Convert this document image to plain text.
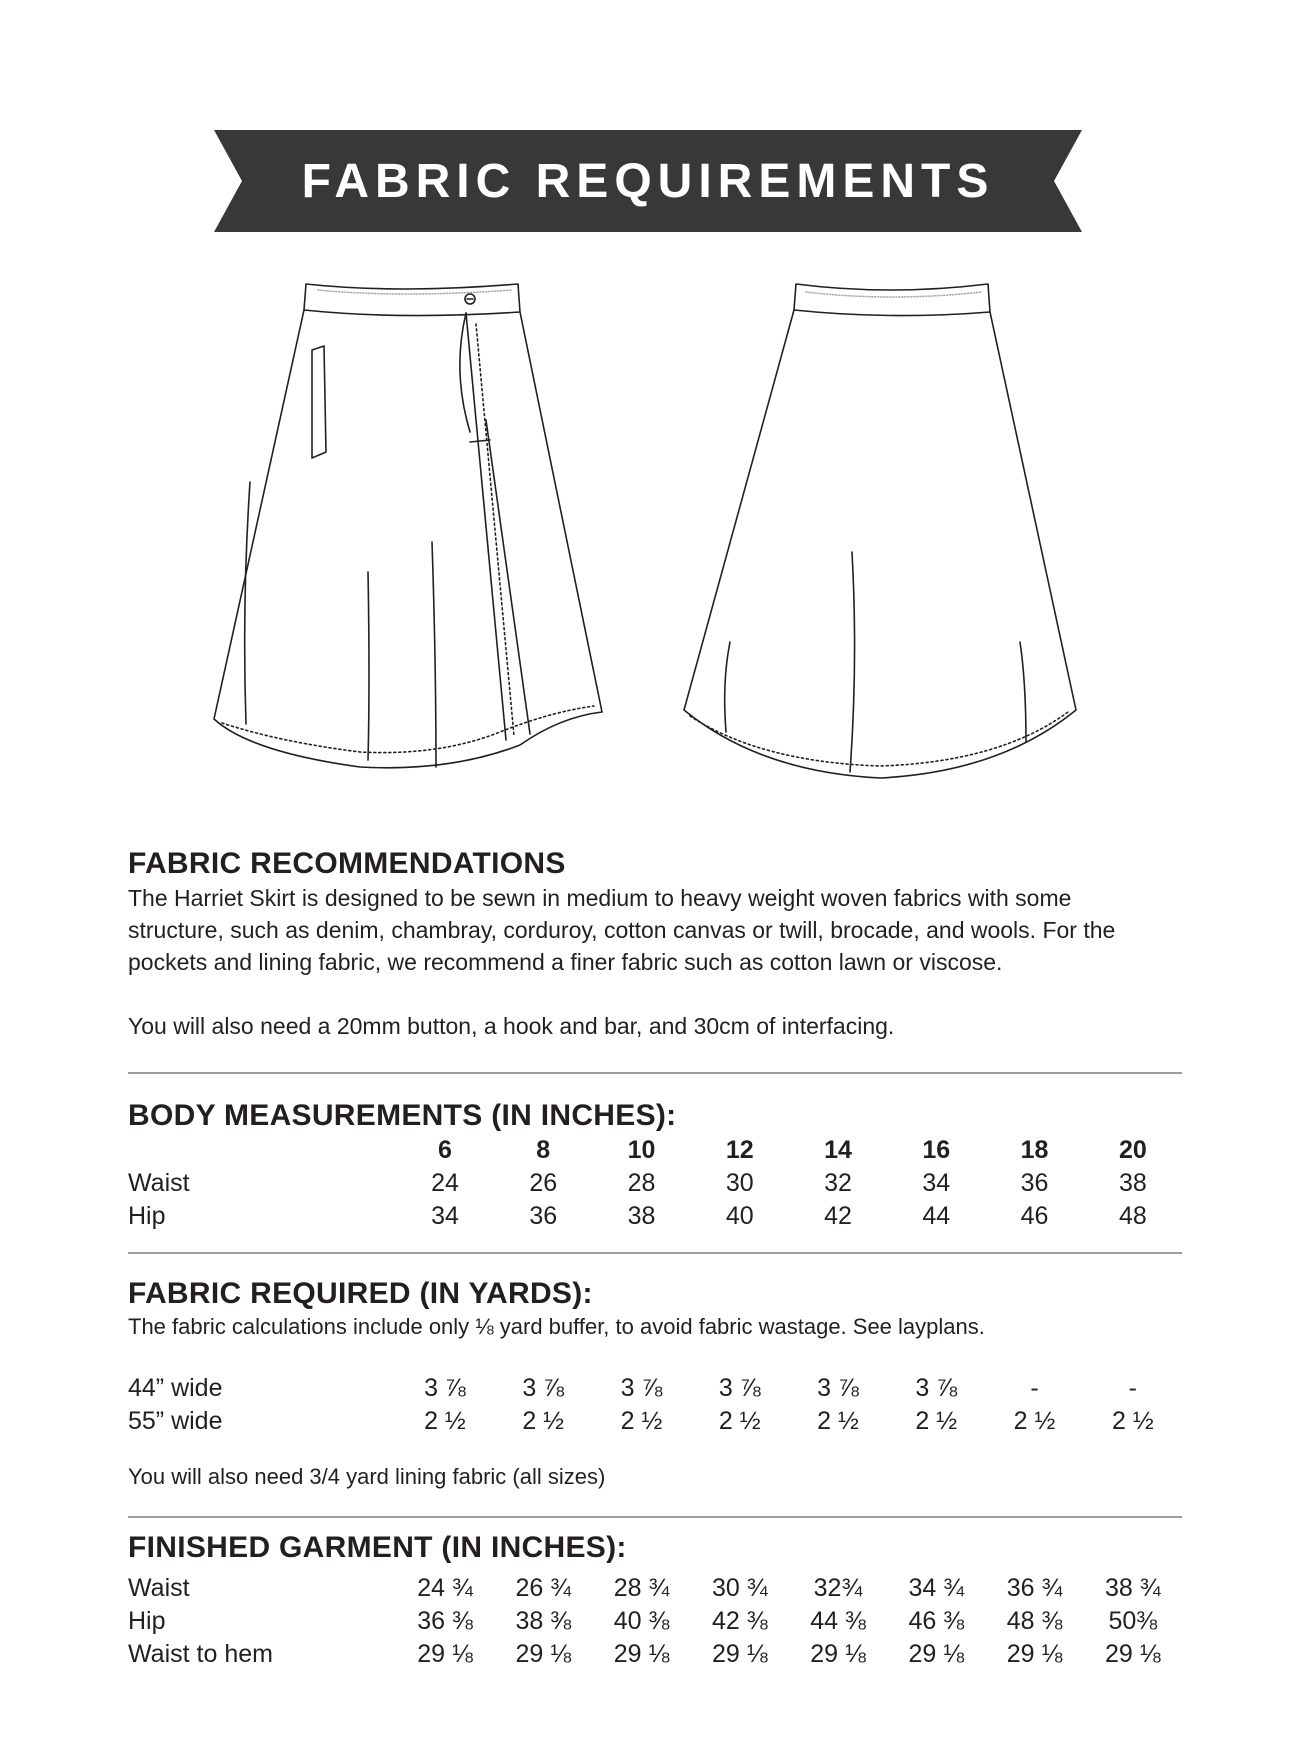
FABRIC REQUIREMENTS
FABRIC RECOMMENDATIONS

The Harriet Skirt is designed to be sewn in medium to heavy weight woven fabrics with some

structure, such as denim, chambray, corduroy, cotton canvas or twill, brocade, and wools. For the

pockets and lining fabric, we recommend a finer fabric such as cotton lawn or viscose.

You will also need a 20mm button, a hook and bar, and 30cm of interfacing.

BODY MEASUREMENTS (IN INCHES):
	6	8	10	12	14	16	18	20
Waist	24	26	28	30	32	34	36	38
Hip	34	36	38	40	42	44	46	48
FABRIC REQUIRED (IN YARDS):

The fabric calculations include only ⅛ yard buffer, to avoid fabric wastage. See layplans.

44” wide	3 ⅞	3 ⅞	3 ⅞	3 ⅞	3 ⅞	3 ⅞	-	-
55” wide	2 ½	2 ½	2 ½	2 ½	2 ½	2 ½	2 ½	2 ½

You will also need 3/4 yard lining fabric (all sizes)

FINISHED GARMENT (IN INCHES):
Waist	24 ¾	26 ¾	28 ¾	30 ¾	32¾	34 ¾	36 ¾	38 ¾
Hip	36 ⅜	38 ⅜	40 ⅜	42 ⅜	44 ⅜	46 ⅜	48 ⅜	50⅜
Waist to hem	29 ⅛	29 ⅛	29 ⅛	29 ⅛	29 ⅛	29 ⅛	29 ⅛	29 ⅛
